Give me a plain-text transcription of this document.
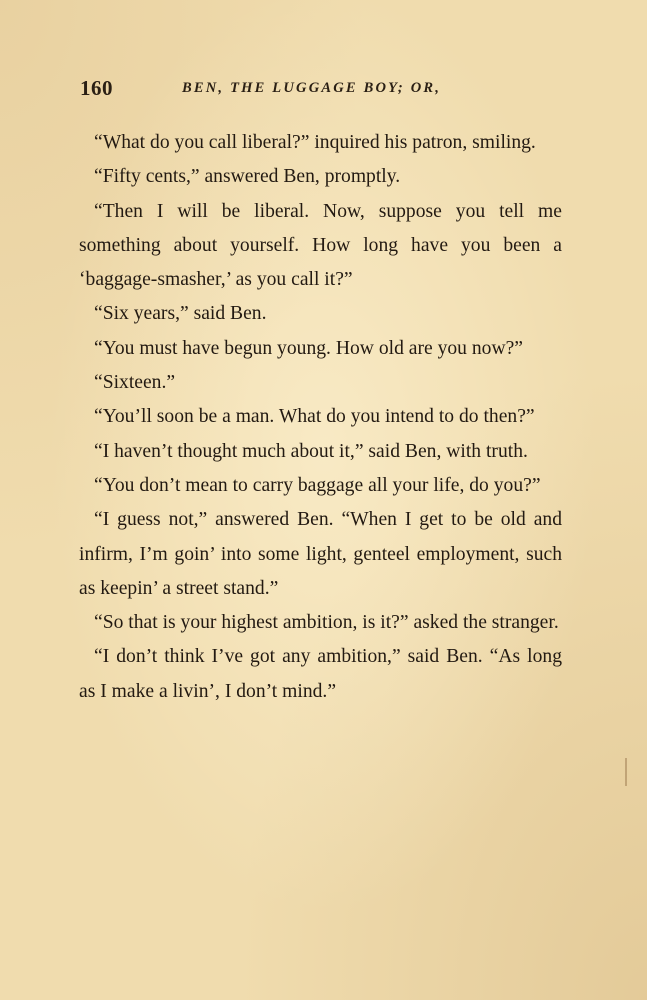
160	BEN, THE LUGGAGE BOY; OR,

“What do you call liberal?” inquired his patron, smiling.

“Fifty cents,” answered Ben, promptly.

“Then I will be liberal. Now, suppose you tell me something about yourself. How long have you been a ‘baggage-smasher,’ as you call it?”

“Six years,” said Ben.

“You must have begun young. How old are you now?”

“Sixteen.”

“You’ll soon be a man. What do you intend to do then?”

“I haven’t thought much about it,” said Ben, with truth.

“You don’t mean to carry baggage all your life, do you?”

“I guess not,” answered Ben. “When I get to be old and infirm, I’m goin’ into some light, genteel employment, such as keepin’ a street stand.”

“So that is your highest ambition, is it?” asked the stranger.

“I don’t think I’ve got any ambition,” said Ben. “As long as I make a livin’, I don’t mind.”
